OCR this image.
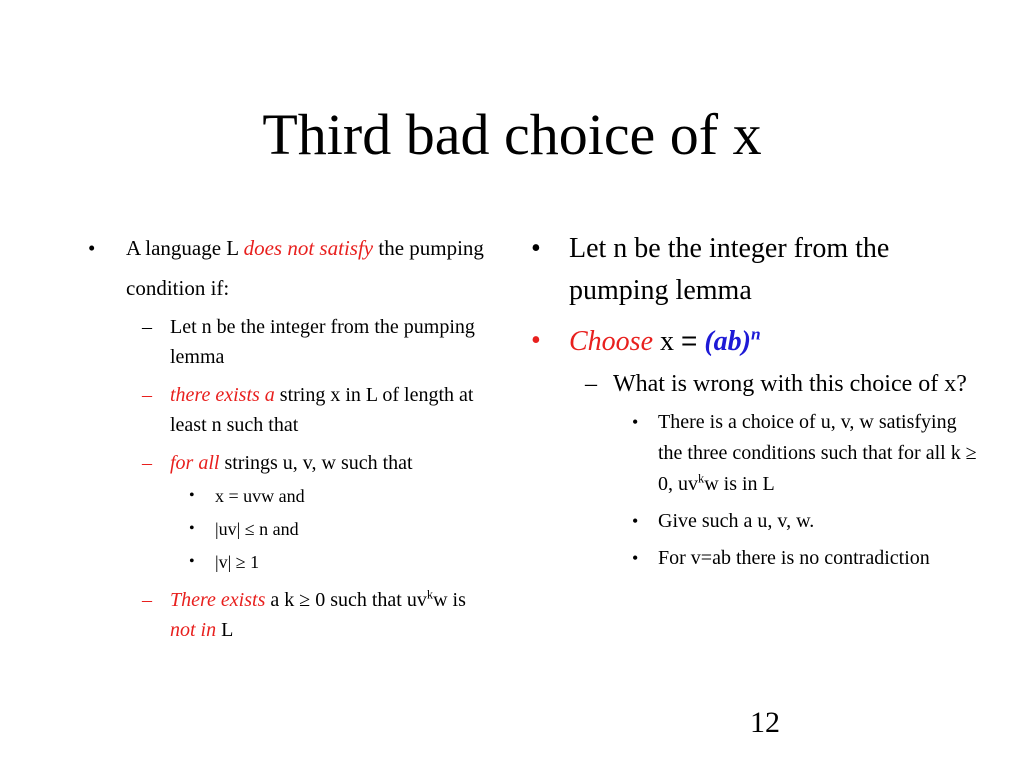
Third bad choice of x
• A language L does not satisfy the pumping condition if:
– Let n be the integer from the pumping lemma
– there exists a string x in L of length at least n such that
– for all strings u, v, w such that
• x = uvw and
• |uv| ≤ n and
• |v| ≥ 1
– There exists a k ≥ 0 such that $uv^kw$ is not in L
• Let n be the integer from the pumping lemma
• Choose x = (ab)$^n$
– What is wrong with this choice of x?
• There is a choice of u, v, w satisfying the three conditions such that for all k ≥ 0, $uv^kw$ is in L
• Give such a u, v, w.
• For v=ab there is no contradiction
12
